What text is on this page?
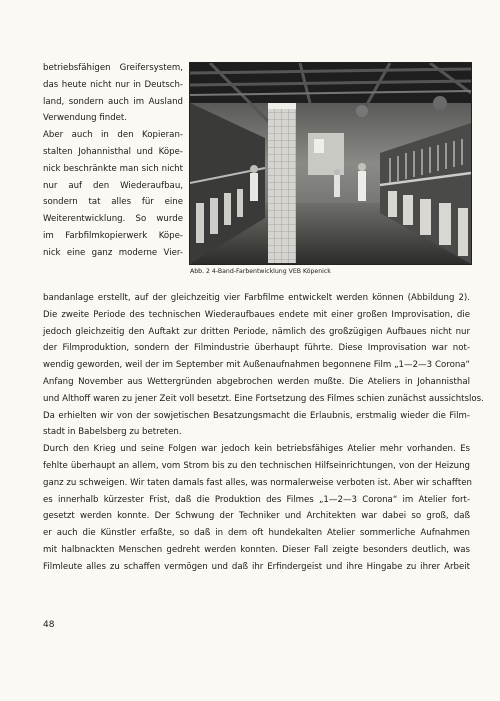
betriebsfähigen Greifersystem,
das heute nicht nur in Deutsch-
land, sondern auch im Ausland
Verwendung findet.
Aber auch in den Kopieran-
stalten Johannisthal und Köpe-
nick beschränkte man sich nicht
nur auf den Wiederaufbau,
sondern tat alles für eine
Weiterentwicklung. So wurde
im Farbfilmkopierwerk Köpe-
nick eine ganz moderne Vier-
Abb. 2 4-Band-Farbentwicklung VEB Köpenick
bandanlage erstellt, auf der gleichzeitig vier Farbfilme entwickelt werden können (Abbildung 2).
Die zweite Periode des technischen Wiederaufbaues endete mit einer großen Improvisation, die
jedoch gleichzeitig den Auftakt zur dritten Periode, nämlich des großzügigen Aufbaues nicht nur
der Filmproduktion, sondern der Filmindustrie überhaupt führte. Diese Improvisation war not-
wendig geworden, weil der im September mit Außenaufnahmen begonnene Film „1—2—3 Corona“
Anfang November aus Wettergründen abgebrochen werden mußte. Die Ateliers in Johannisthal
und Althoff waren zu jener Zeit voll besetzt. Eine Fortsetzung des Filmes schien zunächst aussichtslos.
Da erhielten wir von der sowjetischen Besatzungsmacht die Erlaubnis, erstmalig wieder die Film-
stadt in Babelsberg zu betreten.
Durch den Krieg und seine Folgen war jedoch kein betriebsfähiges Atelier mehr vorhanden. Es
fehlte überhaupt an allem, vom Strom bis zu den technischen Hilfseinrichtungen, von der Heizung
ganz zu schweigen. Wir taten damals fast alles, was normalerweise verboten ist. Aber wir schafften
es innerhalb kürzester Frist, daß die Produktion des Filmes „1—2—3 Corona“ im Atelier fort-
gesetzt werden konnte. Der Schwung der Techniker und Architekten war dabei so groß, daß
er auch die Künstler erfaßte, so daß in dem oft hundekalten Atelier sommerliche Aufnahmen
mit halbnackten Menschen gedreht werden konnten. Dieser Fall zeigte besonders deutlich, was
Filmleute alles zu schaffen vermögen und daß ihr Erfindergeist und ihre Hingabe zu ihrer Arbeit
48
